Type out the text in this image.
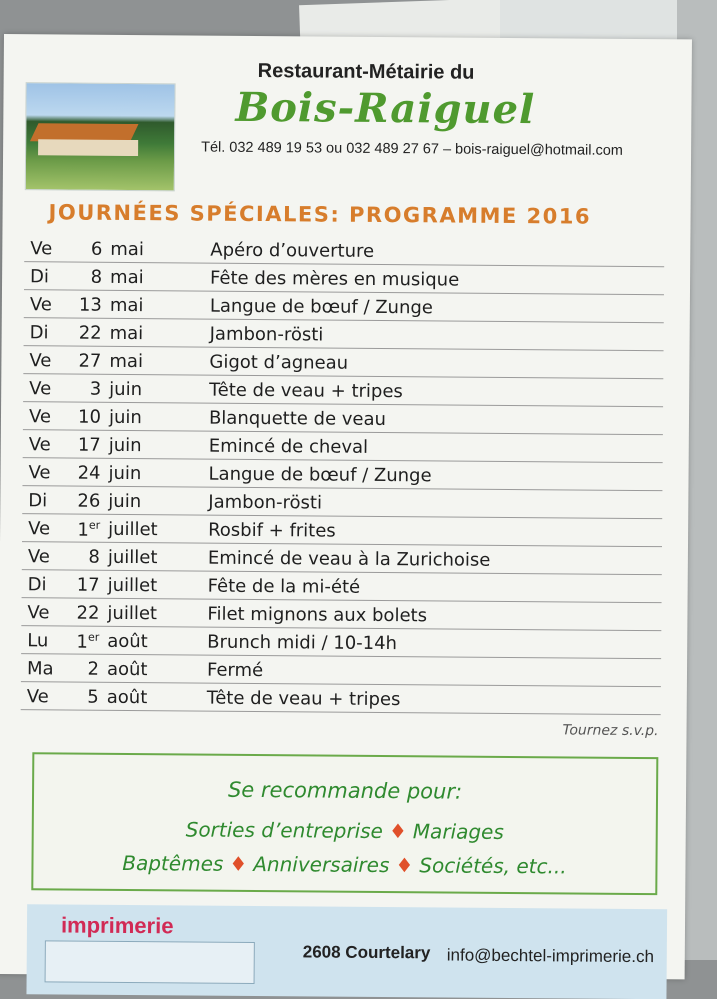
Restaurant-Métairie du
Bois-Raiguel
Tél. 032 489 19 53 ou 032 489 27 67 – bois-raiguel@hotmail.com
JOURNÉES SPÉCIALES: PROGRAMME 2016
Ve	6 mai	Apéro d’ouverture
Di	8 mai	Fête des mères en musique
Ve	13 mai	Langue de bœuf / Zunge
Di	22 mai	Jambon-rösti
Ve	27 mai	Gigot d’agneau
Ve	3 juin	Tête de veau + tripes
Ve	10 juin	Blanquette de veau
Ve	17 juin	Emincé de cheval
Ve	24 juin	Langue de bœuf / Zunge
Di	26 juin	Jambon-rösti
Ve	1er juillet	Rosbif + frites
Ve	8 juillet	Emincé de veau à la Zurichoise
Di	17 juillet	Fête de la mi-été
Ve	22 juillet	Filet mignons aux bolets
Lu	1er août	Brunch midi / 10-14h
Ma	2 août	Fermé
Ve	5 août	Tête de veau + tripes
Tournez s.v.p.
Se recommande pour:
Sorties d’entreprise ♦ Mariages
Baptêmes ♦ Anniversaires ♦ Sociétés, etc...
imprimerie
2608 Courtelary info@bechtel-imprimerie.ch
